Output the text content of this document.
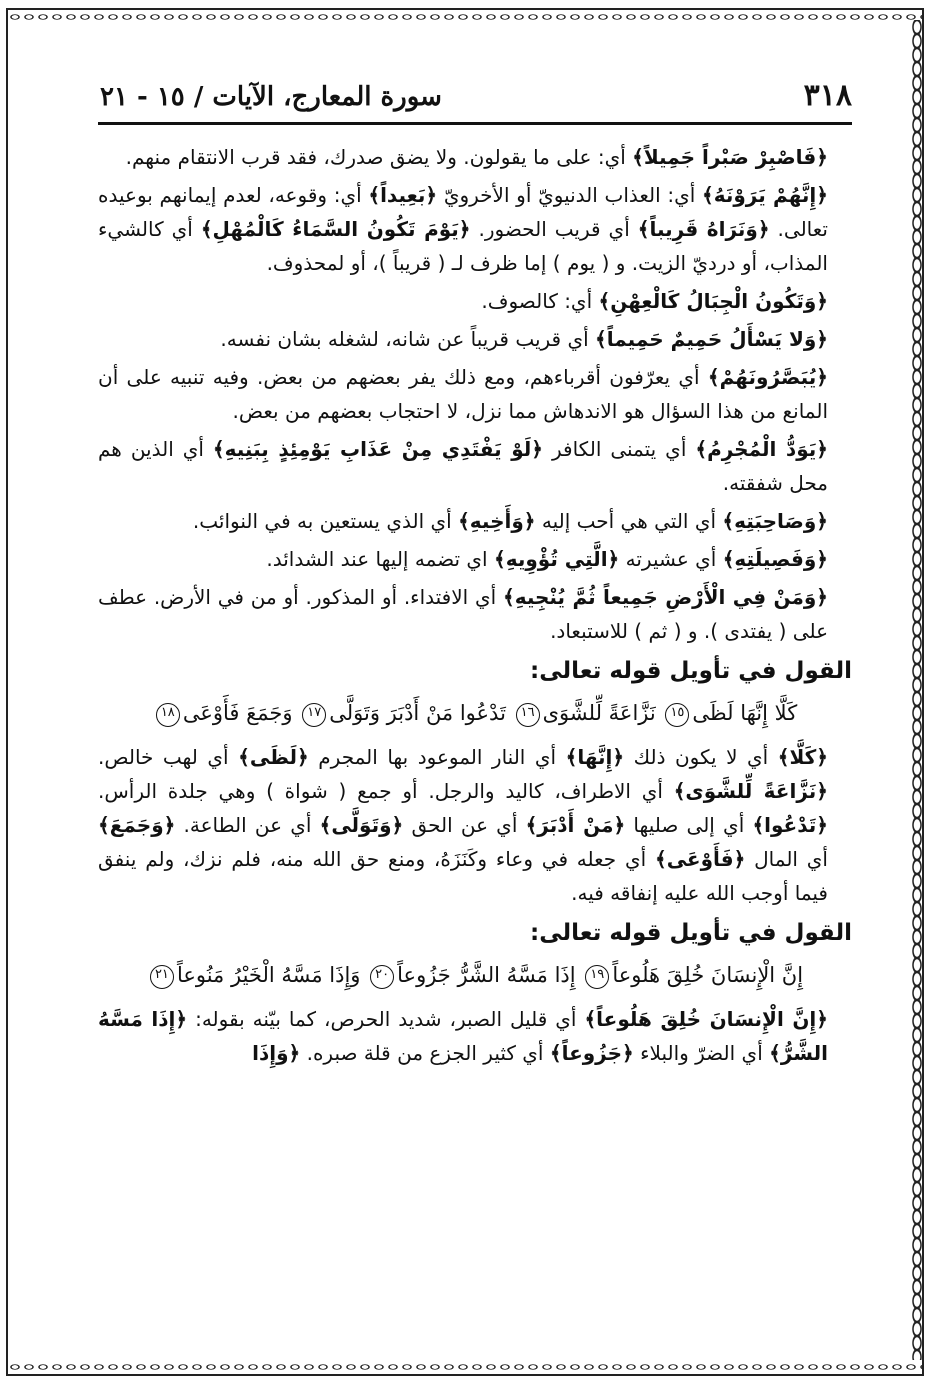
٣١٨
سورة المعارج، الآيات / ١٥ - ٢١

﴿فَاصْبِرْ صَبْراً جَمِيلاً﴾ أي: على ما يقولون. ولا يضق صدرك، فقد قرب الانتقام منهم.

﴿إِنَّهُمْ يَرَوْنَهُ﴾ أي: العذاب الدنيويّ أو الأخرويّ ﴿بَعِيداً﴾ أي: وقوعه، لعدم إيمانهم بوعيده تعالى. ﴿وَنَرَاهُ قَرِيباً﴾ أي قريب الحضور. ﴿يَوْمَ تَكُونُ السَّمَاءُ كَالْمُهْلِ﴾ أي كالشيء المذاب، أو درديّ الزيت. و ( يوم ) إما ظرف لـ ( قريباً )، أو لمحذوف.

﴿وَتَكُونُ الْجِبَالُ كَالْعِهْنِ﴾ أي: كالصوف.

﴿وَلا يَسْأَلُ حَمِيمٌ حَمِيماً﴾ أي قريب قريباً عن شانه، لشغله بشان نفسه.

﴿يُبَصَّرُونَهُمْ﴾ أي يعرّفون أقرباءهم، ومع ذلك يفر بعضهم من بعض. وفيه تنبيه على أن المانع من هذا السؤال هو الاندهاش مما نزل، لا احتجاب بعضهم من بعض.

﴿يَوَدُّ الْمُجْرِمُ﴾ أي يتمنى الكافر ﴿لَوْ يَفْتَدِي مِنْ عَذَابِ يَوْمِئِذٍ بِبَنِيهِ﴾ أي الذين هم محل شفقته.

﴿وَصَاحِبَتِهِ﴾ أي التي هي أحب إليه ﴿وَأَخِيهِ﴾ أي الذي يستعين به في النوائب.

﴿وَفَصِيلَتِهِ﴾ أي عشيرته ﴿الَّتِي تُؤْوِيهِ﴾ اي تضمه إليها عند الشدائد.

﴿وَمَنْ فِي الْأَرْضِ جَمِيعاً ثُمَّ يُنْجِيهِ﴾ أي الافتداء. أو المذكور. أو من في الأرض. عطف على ( يفتدى ). و ( ثم ) للاستبعاد.

القول في تأويل قوله تعالى:
كَلَّا إِنَّهَا لَظَى١٥ نَزَّاعَةً لِّلشَّوَى١٦ تَدْعُوا مَنْ أَدْبَرَ وَتَوَلَّى١٧ وَجَمَعَ فَأَوْعَى١٨

﴿كَلَّا﴾ أي لا يكون ذلك ﴿إِنَّهَا﴾ أي النار الموعود بها المجرم ﴿لَظَى﴾ أي لهب خالص. ﴿نَزَّاعَةً لِّلشَّوَى﴾ أي الاطراف، كاليد والرجل. أو جمع ( شواة ) وهي جلدة الرأس. ﴿تَدْعُوا﴾ أي إلى صليها ﴿مَنْ أَدْبَرَ﴾ أي عن الحق ﴿وَتَوَلَّى﴾ أي عن الطاعة. ﴿وَجَمَعَ﴾ أي المال ﴿فَأَوْعَى﴾ أي جعله في وعاء وكَنَزَهُ، ومنع حق الله منه، فلم نزك، ولم ينفق فيما أوجب الله عليه إنفاقه فيه.

القول في تأويل قوله تعالى:
إِنَّ الْإِنسَانَ خُلِقَ هَلُوعاً١٩ إِذَا مَسَّهُ الشَّرُّ جَزُوعاً٢٠ وَإِذَا مَسَّهُ الْخَيْرُ مَنُوعاً٢١

﴿إِنَّ الْإِنسَانَ خُلِقَ هَلُوعاً﴾ أي قليل الصبر، شديد الحرص، كما بيّنه بقوله: ﴿إِذَا مَسَّهُ الشَّرُّ﴾ أي الضرّ والبلاء ﴿جَزُوعاً﴾ أي كثير الجزع من قلة صبره. ﴿وَإِذَا
